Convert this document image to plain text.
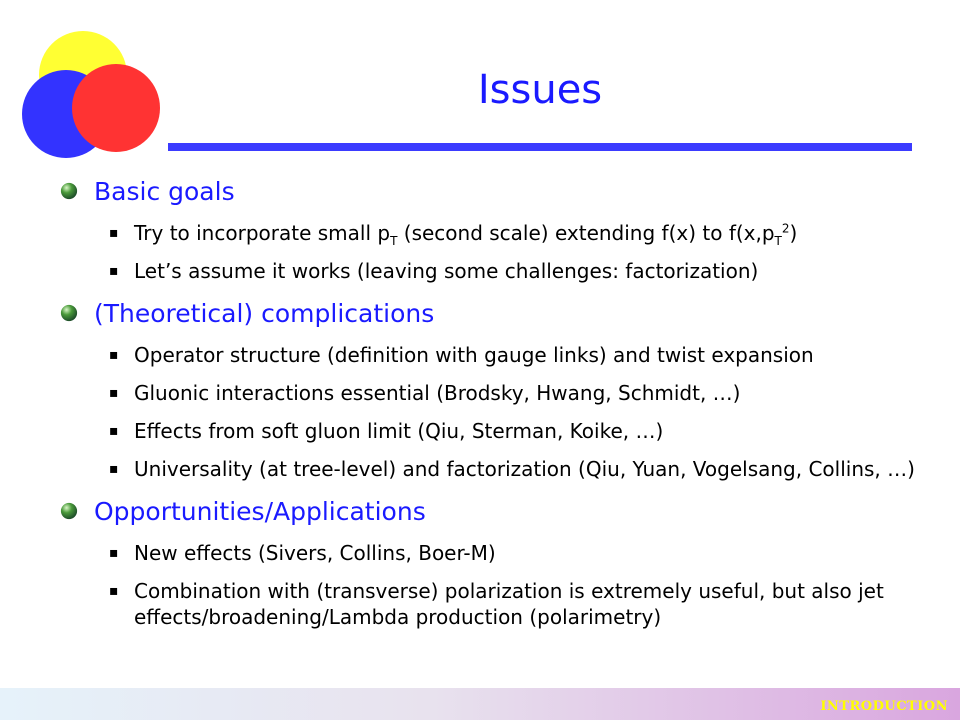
Issues
Basic goals
▪ Try to incorporate small $p_T$ (second scale) extending f(x) to $f(x,p_T^2)$
▪ Let’s assume it works (leaving some challenges: factorization)
(Theoretical) complications
▪ Operator structure (definition with gauge links) and twist expansion
▪ Gluonic interactions essential (Brodsky, Hwang, Schmidt, …)
▪ Effects from soft gluon limit (Qiu, Sterman, Koike, …)
▪ Universality (at tree-level) and factorization (Qiu, Yuan, Vogelsang, Collins, …)
Opportunities/Applications
▪ New effects (Sivers, Collins, Boer-M)
▪ Combination with (transverse) polarization is extremely useful, but also jet effects/broadening/Lambda production (polarimetry)
INTRODUCTION
